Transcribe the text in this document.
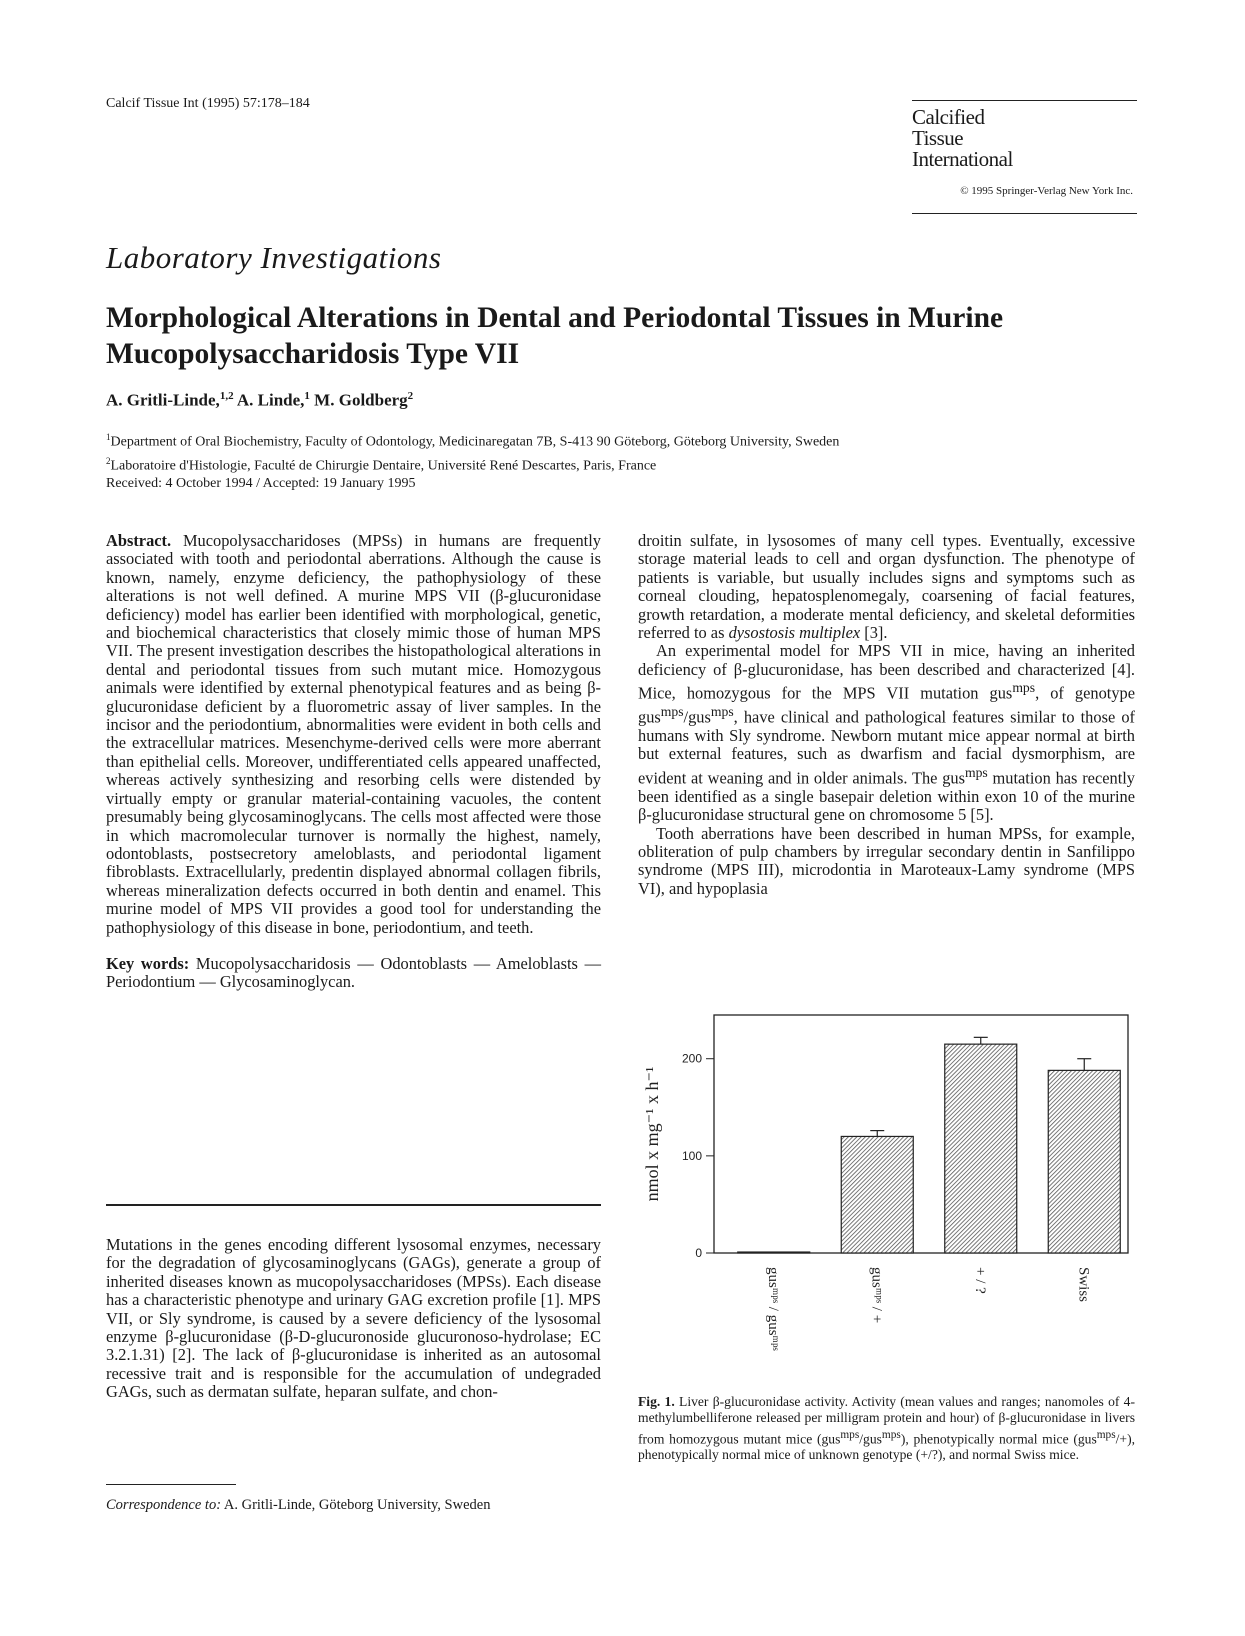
Calcif Tissue Int (1995) 57:178–184
Calcified
Tissue
International
© 1995 Springer-Verlag New York Inc.
Laboratory Investigations
Morphological Alterations in Dental and Periodontal Tissues in Murine Mucopolysaccharidosis Type VII
A. Gritli-Linde,$^{1,2}$ A. Linde,$^1$ M. Goldberg$^2$
$^1$Department of Oral Biochemistry, Faculty of Odontology, Medicinaregatan 7B, S-413 90 Göteborg, Göteborg University, Sweden
$^2$Laboratoire d'Histologie, Faculté de Chirurgie Dentaire, Université René Descartes, Paris, France
Received: 4 October 1994 / Accepted: 19 January 1995

Abstract. Mucopolysaccharidoses (MPSs) in humans are frequently associated with tooth and periodontal aberrations. Although the cause is known, namely, enzyme deficiency, the pathophysiology of these alterations is not well defined. A murine MPS VII (β-glucuronidase deficiency) model has earlier been identified with morphological, genetic, and biochemical characteristics that closely mimic those of human MPS VII. The present investigation describes the histopathological alterations in dental and periodontal tissues from such mutant mice. Homozygous animals were identified by external phenotypical features and as being β-glucuronidase deficient by a fluorometric assay of liver samples. In the incisor and the periodontium, abnormalities were evident in both cells and the extracellular matrices. Mesenchyme-derived cells were more aberrant than epithelial cells. Moreover, undifferentiated cells appeared unaffected, whereas actively synthesizing and resorbing cells were distended by virtually empty or granular material-containing vacuoles, the content presumably being glycosaminoglycans. The cells most affected were those in which macromolecular turnover is normally the highest, namely, odontoblasts, postsecretory ameloblasts, and periodontal ligament fibroblasts. Extracellularly, predentin displayed abnormal collagen fibrils, whereas mineralization defects occurred in both dentin and enamel. This murine model of MPS VII provides a good tool for understanding the pathophysiology of this disease in bone, periodontium, and teeth.

Key words: Mucopolysaccharidosis — Odontoblasts — Ameloblasts — Periodontium — Glycosaminoglycan.

Mutations in the genes encoding different lysosomal enzymes, necessary for the degradation of glycosaminoglycans (GAGs), generate a group of inherited diseases known as mucopolysaccharidoses (MPSs). Each disease has a characteristic phenotype and urinary GAG excretion profile [1]. MPS VII, or Sly syndrome, is caused by a severe deficiency of the lysosomal enzyme β-glucuronidase (β-D-glucuronoside glucuronoso-hydrolase; EC 3.2.1.31) [2]. The lack of β-glucuronidase is inherited as an autosomal recessive trait and is responsible for the accumulation of undegraded GAGs, such as dermatan sulfate, heparan sulfate, and chon-
Correspondence to: A. Gritli-Linde, Göteborg University, Sweden

droitin sulfate, in lysosomes of many cell types. Eventually, excessive storage material leads to cell and organ dysfunction. The phenotype of patients is variable, but usually includes signs and symptoms such as corneal clouding, hepatosplenomegaly, coarsening of facial features, growth retardation, a moderate mental deficiency, and skeletal deformities referred to as dysostosis multiplex [3].

An experimental model for MPS VII in mice, having an inherited deficiency of β-glucuronidase, has been described and characterized [4]. Mice, homozygous for the MPS VII mutation gus$^{mps}$, of genotype gus$^{mps}$/gus$^{mps}$, have clinical and pathological features similar to those of humans with Sly syndrome. Newborn mutant mice appear normal at birth but external features, such as dwarfism and facial dysmorphism, are evident at weaning and in older animals. The gus$^{mps}$ mutation has recently been identified as a single basepair deletion within exon 10 of the murine β-glucuronidase structural gene on chromosome 5 [5].

Tooth aberrations have been described in human MPSs, for example, obliteration of pulp chambers by irregular secondary dentin in Sanfilippo syndrome (MPS III), microdontia in Maroteaux-Lamy syndrome (MPS VI), and hypoplasia

nmol x mg⁻¹ x h⁻¹
0
100
200
gusᵐᵖˢ / gusᵐᵖˢ	gusᵐᵖˢ / +	+ / ?	Swiss
Fig. 1. Liver β-glucuronidase activity. Activity (mean values and ranges; nanomoles of 4-methylumbelliferone released per milligram protein and hour) of β-glucuronidase in livers from homozygous mutant mice (gus$^{mps}$/gus$^{mps}$), phenotypically normal mice (gus$^{mps}$/+), phenotypically normal mice of unknown genotype (+/?), and normal Swiss mice.
